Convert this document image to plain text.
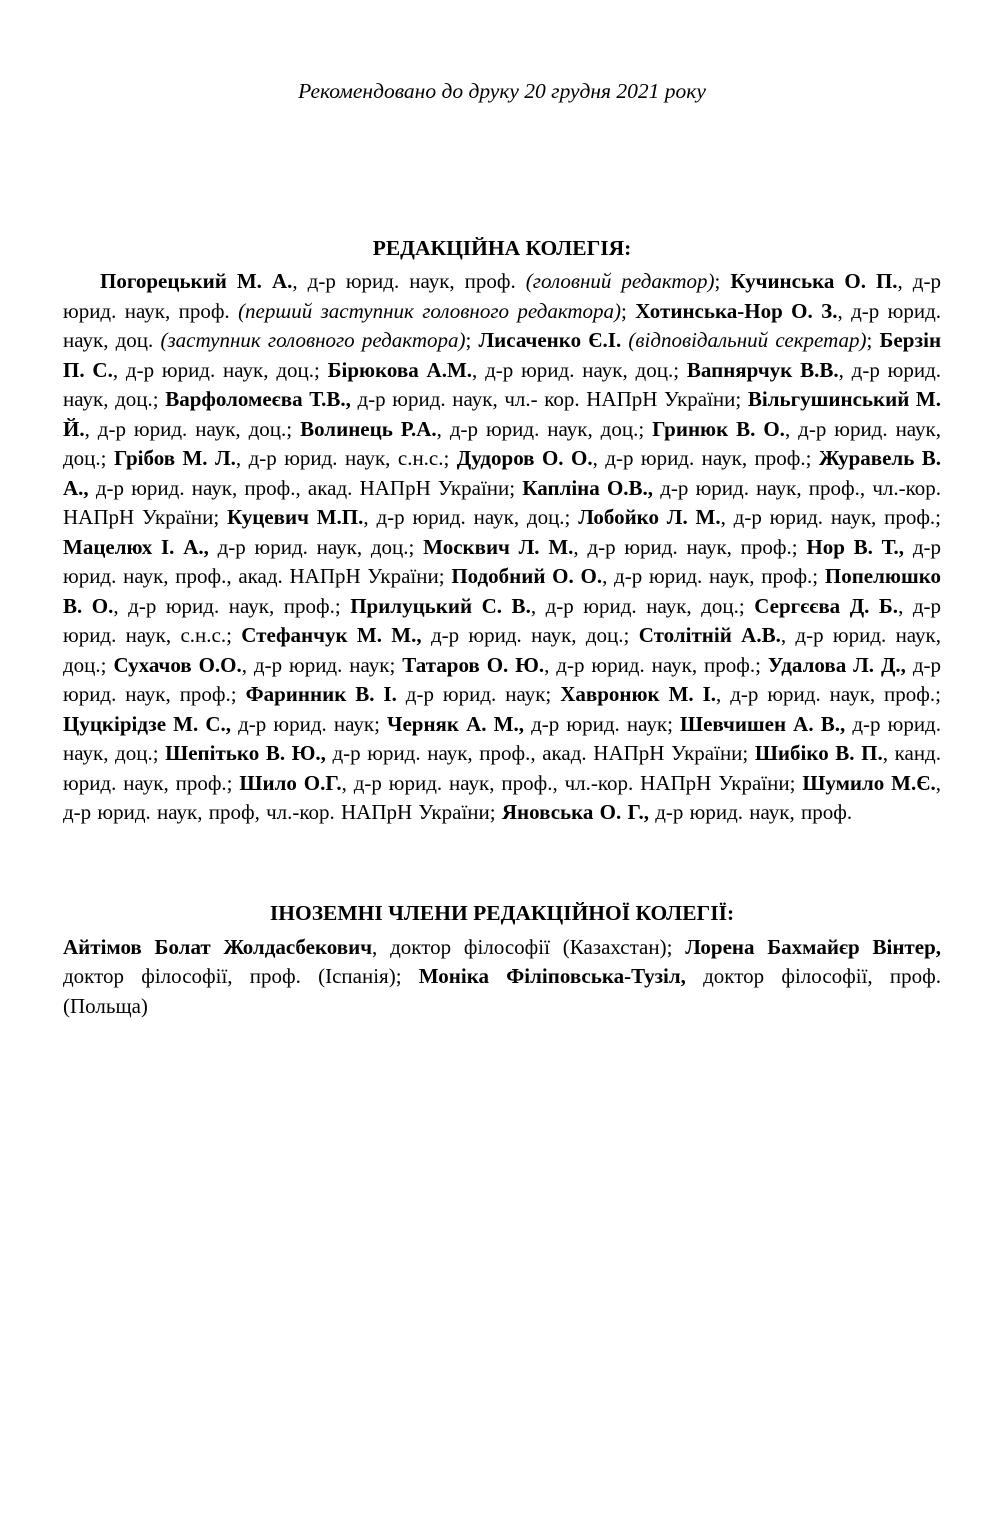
Рекомендовано до друку 20 грудня 2021 року

РЕДАКЦІЙНА КОЛЕГІЯ:

Погорецький М. А., д-р юрид. наук, проф. (головний редактор); Кучинська О. П., д-р юрид. наук, проф. (перший заступник головного редактора); Хотинська-Нор О. З., д-р юрид. наук, доц. (заступник головного редактора); Лисаченко Є.І. (відповідальний секретар); Берзін П. С., д-р юрид. наук, доц.; Бірюкова А.М., д-р юрид. наук, доц.; Вапнярчук В.В., д-р юрид. наук, доц.; Варфоломеєва Т.В., д-р юрид. наук, чл.- кор. НАПрН України; Вільгушинський М. Й., д-р юрид. наук, доц.; Волинець Р.А., д-р юрид. наук, доц.; Гринюк В. О., д-р юрид. наук, доц.; Грібов М. Л., д-р юрид. наук, с.н.с.; Дудоров О. О., д-р юрид. наук, проф.; Журавель В. А., д-р юрид. наук, проф., акад. НАПрН України; Капліна О.В., д-р юрид. наук, проф., чл.-кор. НАПрН України; Куцевич М.П., д-р юрид. наук, доц.; Лобойко Л. М., д-р юрид. наук, проф.; Мацелюх І. А., д-р юрид. наук, доц.; Москвич Л. М., д-р юрид. наук, проф.; Нор В. Т., д-р юрид. наук, проф., акад. НАПрН України; Подобний О. О., д-р юрид. наук, проф.; Попелюшко В. О., д-р юрид. наук, проф.; Прилуцький С. В., д-р юрид. наук, доц.; Сергєєва Д. Б., д-р юрид. наук, с.н.с.; Стефанчук М. М., д-р юрид. наук, доц.; Столітній А.В., д-р юрид. наук, доц.; Сухачов О.О., д-р юрид. наук; Татаров О. Ю., д-р юрид. наук, проф.; Удалова Л. Д., д-р юрид. наук, проф.; Фаринник В. І. д-р юрид. наук; Хавронюк М. І., д-р юрид. наук, проф.; Цуцкірідзе М. С., д-р юрид. наук; Черняк А. М., д-р юрид. наук; Шевчишен А. В., д-р юрид. наук, доц.; Шепітько В. Ю., д-р юрид. наук, проф., акад. НАПрН України; Шибіко В. П., канд. юрид. наук, проф.; Шило О.Г., д-р юрид. наук, проф., чл.-кор. НАПрН України; Шумило М.Є., д-р юрид. наук, проф, чл.-кор. НАПрН України; Яновська О. Г., д-р юрид. наук, проф.

ІНОЗЕМНІ ЧЛЕНИ РЕДАКЦІЙНОЇ КОЛЕГІЇ:

Айтімов Болат Жолдасбекович, доктор філософії (Казахстан); Лорена Бахмайєр Вінтер, доктор філософії, проф. (Іспанія); Моніка Філіповська-Тузіл, доктор філософії, проф. (Польща)
